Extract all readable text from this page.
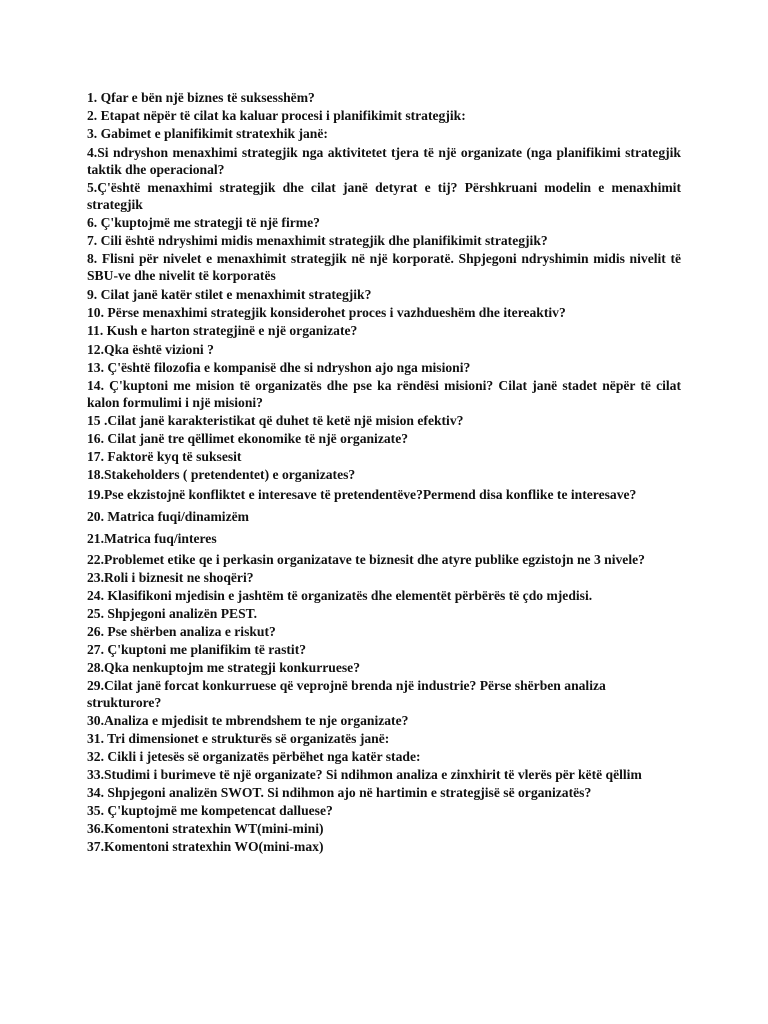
1. Qfar e bën një biznes të suksesshëm?
2. Etapat nëpër të cilat ka kaluar procesi i planifikimit strategjik:
3. Gabimet e planifikimit stratexhik janë:
4.Si ndryshon menaxhimi strategjik nga aktivitetet tjera të një organizate (nga planifikimi strategjik taktik dhe operacional?
5.Ç'është menaxhimi strategjik dhe cilat janë detyrat e tij? Përshkruani modelin e menaxhimit strategjik
6. Ç'kuptojmë me strategji të një firme?
7. Cili është ndryshimi midis menaxhimit strategjik dhe planifikimit strategjik?
8. Flisni për nivelet e menaxhimit strategjik në një korporatë. Shpjegoni ndryshimin midis nivelit të SBU-ve dhe nivelit të korporatës
9. Cilat janë katër stilet e menaxhimit strategjik?
10. Përse menaxhimi strategjik konsiderohet proces i vazhdueshëm dhe itereaktiv?
11. Kush e harton strategjinë e një organizate?
12.Qka është vizioni ?
13. Ç'është filozofia e kompanisë dhe si ndryshon ajo nga misioni?
14. Ç'kuptoni me mision të organizatës dhe pse ka rëndësi misioni? Cilat janë stadet nëpër të cilat kalon formulimi i një misioni?
15 .Cilat janë karakteristikat që duhet të ketë një mision efektiv?
16. Cilat janë tre qëllimet ekonomike të një organizate?
17. Faktorë kyq të suksesit
18.Stakeholders ( pretendentet) e organizates?
19.Pse ekzistojnë konfliktet e interesave të pretendentëve?Permend disa konflike te interesave?
20. Matrica fuqi/dinamizëm
21.Matrica fuq/interes
22.Problemet etike qe i perkasin organizatave te biznesit dhe atyre publike egzistojn ne 3 nivele?
23.Roli i biznesit ne shoqëri?
24. Klasifikoni mjedisin e jashtëm të organizatës dhe elementët përbërës të çdo mjedisi.
25. Shpjegoni analizën PEST.
26. Pse shërben analiza e riskut?
27. Ç'kuptoni me planifikim të rastit?
28.Qka nenkuptojm me strategji konkurruese?
29.Cilat janë forcat konkurruese që veprojnë brenda një industrie? Përse shërben analiza strukturore?
30.Analiza e mjedisit te mbrendshem te nje organizate?
31. Tri dimensionet e strukturës së organizatës janë:
32. Cikli i jetesës së organizatës përbëhet nga katër stade:
33.Studimi i burimeve të një organizate? Si ndihmon analiza e zinxhirit të vlerës për këtë qëllim
34. Shpjegoni analizën SWOT. Si ndihmon ajo në hartimin e strategjisë së organizatës?
35. Ç'kuptojmë me kompetencat dalluese?
36.Komentoni stratexhin WT(mini-mini)
37.Komentoni stratexhin WO(mini-max)
